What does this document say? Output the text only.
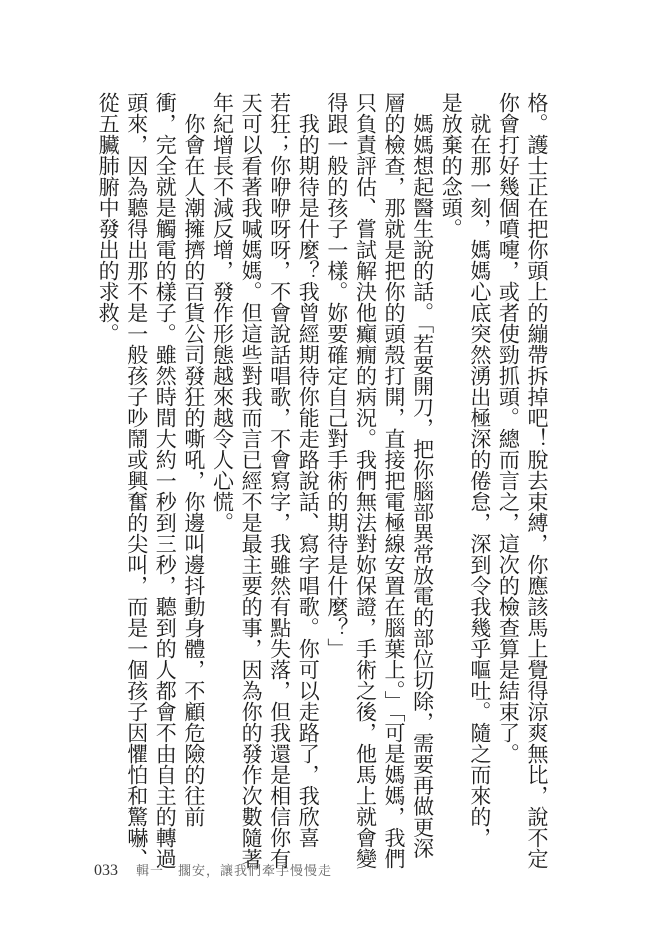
格。護士正在把你頭上的繃帶拆掉吧！脫去束縛，你應該馬上覺得涼爽無比，說不定
你會打好幾個噴嚏，或者使勁抓頭。總而言之，這次的檢查算是結束了。
　就在那一刻，媽媽心底突然湧出極深的倦怠，深到令我幾乎嘔吐。隨之而來的，
是放棄的念頭。
　媽媽想起醫生說的話。「若要開刀，把你腦部異常放電的部位切除，需要再做更深
層的檢查，那就是把你的頭殼打開，直接把電極線安置在腦葉上。」「可是媽媽，我們
只負責評估、嘗試解決他癲癇的病況。我們無法對妳保證，手術之後，他馬上就會變
得跟一般的孩子一樣。妳要確定自己對手術的期待是什麼？」
　我的期待是什麼？我曾經期待你能走路說話、寫字唱歌。你可以走路了，我欣喜
若狂；你咿咿呀呀，不會說話唱歌，不會寫字，我雖然有點失落，但我還是相信你有
天可以看著我喊媽媽。但這些對我而言已經不是最主要的事，因為你的發作次數隨著
年紀增長不減反增，發作形態越來越令人心慌。
　你會在人潮擁擠的百貨公司發狂的嘶吼，你邊叫邊抖動身體，不顧危險的往前
衝，完全就是觸電的樣子。雖然時間大約一秒到三秒，聽到的人都會不由自主的轉過
頭來，因為聽得出那不是一般孩子吵鬧或興奮的尖叫，而是一個孩子因懼怕和驚嚇、
從五臟肺腑中發出的求救。
033 輯一　擱安，讓我們牽手慢慢走
